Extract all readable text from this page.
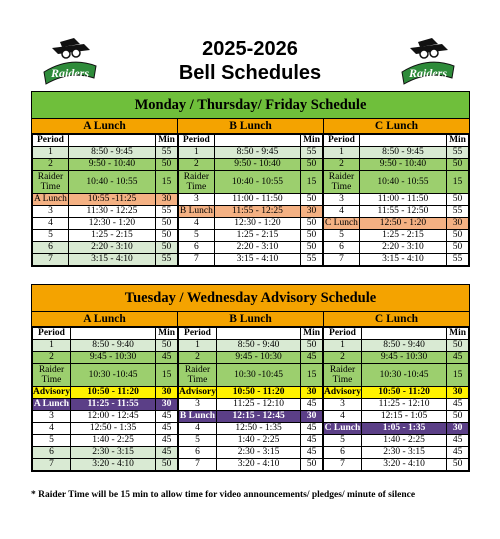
2025-2026
Bell Schedules
Raiders	Raiders
Monday / Thursday/ Friday Schedule
A Lunch	B Lunch	C Lunch
Period		Min
1	8:50 - 9:45	55
2	9:50 - 10:40	50
Raider Time	10:40 - 10:55	15
A Lunch	10:55 -11:25	30
3	11:30 - 12:25	55
4	12:30 - 1:20	50
5	1:25 - 2:15	50
6	2:20 - 3:10	50
7	3:15 - 4:10	55
Period		Min
1	8:50 - 9:45	55
2	9:50 - 10:40	50
Raider Time	10:40 - 10:55	15
3	11:00 - 11:50	50
B Lunch	11:55 - 12:25	30
4	12:30 - 1:20	50
5	1:25 - 2:15	50
6	2:20 - 3:10	50
7	3:15 - 4:10	55
Period		Min
1	8:50 - 9:45	55
2	9:50 - 10:40	50
Raider Time	10:40 - 10:55	15
3	11:00 - 11:50	50
4	11:55 - 12:50	55
C Lunch	12:50 - 1:20	30
5	1:25 - 2:15	50
6	2:20 - 3:10	50
7	3:15 - 4:10	55
Tuesday / Wednesday Advisory Schedule
A Lunch	B Lunch	C Lunch
Period		Min
1	8:50 - 9:40	50
2	9:45 - 10:30	45
Raider Time	10:30 -10:45	15
Advisory	10:50 - 11:20	30
A Lunch	11:25 - 11:55	30
3	12:00 - 12:45	45
4	12:50 - 1:35	45
5	1:40 - 2:25	45
6	2:30 - 3:15	45
7	3:20 - 4:10	50
Period		Min
1	8:50 - 9:40	50
2	9:45 - 10:30	45
Raider Time	10:30 -10:45	15
Advisory	10:50 - 11:20	30
3	11:25 - 12:10	45
B Lunch	12:15 - 12:45	30
4	12:50 - 1:35	45
5	1:40 - 2:25	45
6	2:30 - 3:15	45
7	3:20 - 4:10	50
Period		Min
1	8:50 - 9:40	50
2	9:45 - 10:30	45
Raider Time	10:30 -10:45	15
Advisory	10:50 - 11:20	30
3	11:25 - 12:10	45
4	12:15 - 1:05	50
C Lunch	1:05 - 1:35	30
5	1:40 - 2:25	45
6	2:30 - 3:15	45
7	3:20 - 4:10	50
* Raider Time will be 15 min to allow time for video announcements/ pledges/ minute of silence
